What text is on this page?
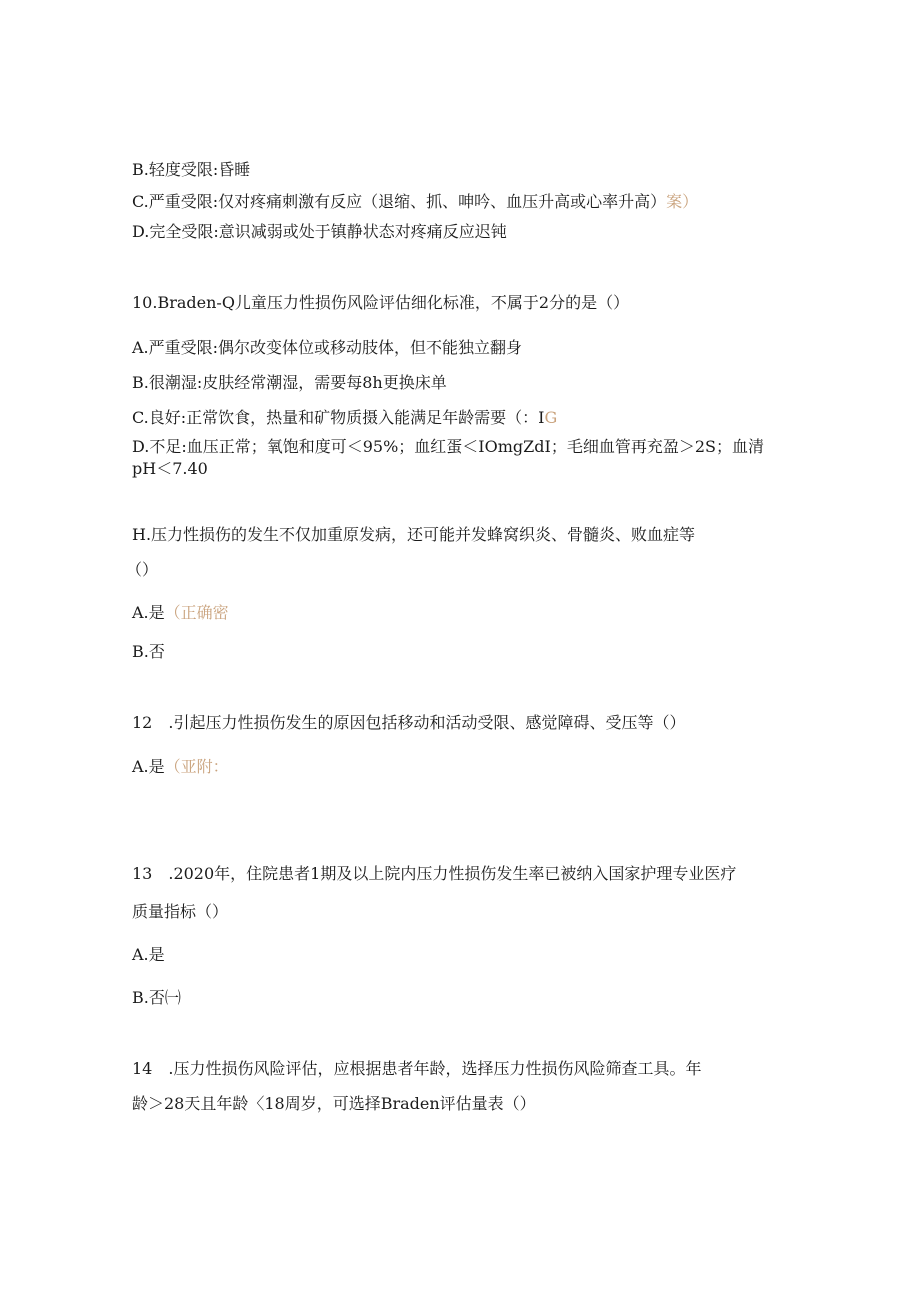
B.轻度受限:昏睡
C.严重受限:仅对疼痛刺激有反应（退缩、抓、呻吟、血压升高或心率升高）案）
D.完全受限:意识减弱或处于镇静状态对疼痛反应迟钝
10.Braden-Q儿童压力性损伤风险评估细化标准，不属于2分的是（）
A.严重受限:偶尔改变体位或移动肢体，但不能独立翻身
B.很潮湿:皮肤经常潮湿，需要每8h更换床单
C.良好:正常饮食，热量和矿物质摄入能满足年龄需要（：IG
D.不足:血压正常；氧饱和度可＜95%；血红蛋＜IOmgZdI；毛细血管再充盈＞2S；血清pH＜7.40
H.压力性损伤的发生不仅加重原发病，还可能并发蜂窝织炎、骨髓炎、败血症等
（）
A.是（正确密
B.否
12　.引起压力性损伤发生的原因包括移动和活动受限、感觉障碍、受压等（）
A.是（亚附：
13　.2020年，住院患者1期及以上院内压力性损伤发生率已被纳入国家护理专业医疗
质量指标（）
A.是
B.否㈠
14　.压力性损伤风险评估，应根据患者年龄，选择压力性损伤风险筛查工具。年
龄＞28天且年龄〈18周岁，可选择Braden评估量表（）
